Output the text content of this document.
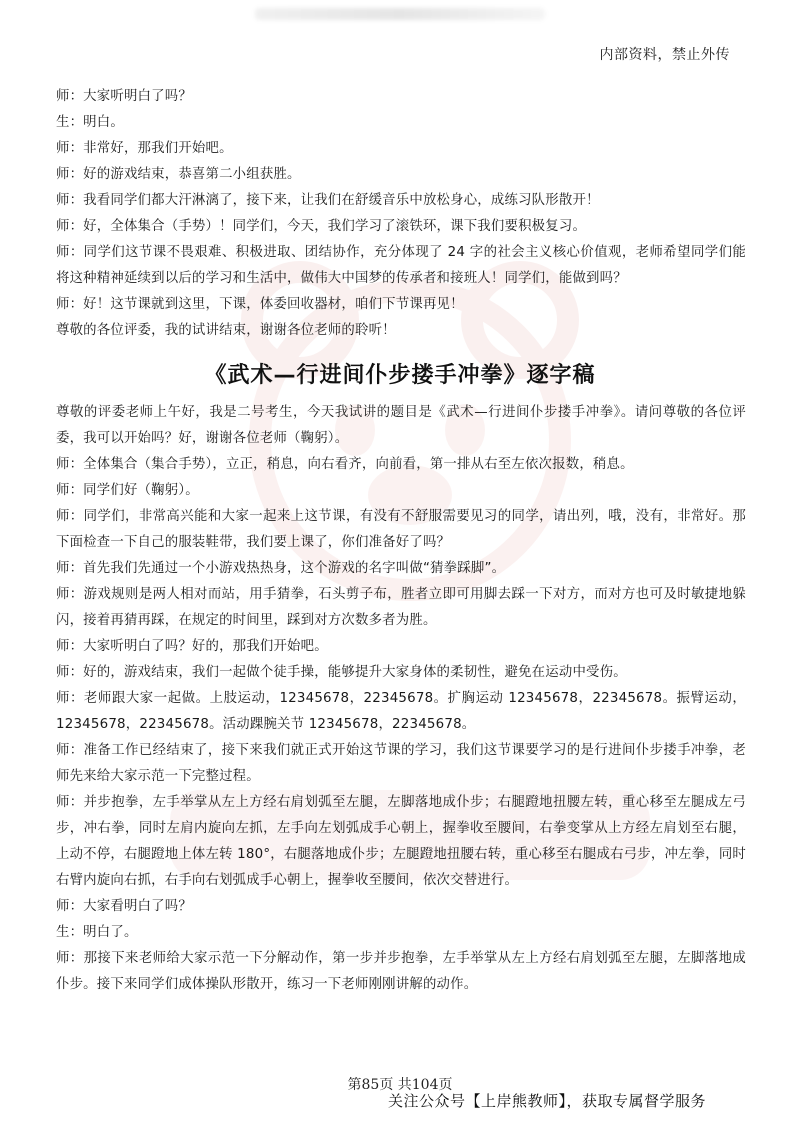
内部资料，禁止外传

师：大家听明白了吗？

生：明白。

师：非常好，那我们开始吧。

师：好的游戏结束，恭喜第二小组获胜。

师：我看同学们都大汗淋漓了，接下来，让我们在舒缓音乐中放松身心，成练习队形散开！

师：好，全体集合（手势）！同学们，今天，我们学习了滚铁环，课下我们要积极复习。

师：同学们这节课不畏艰难、积极进取、团结协作，充分体现了 24 字的社会主义核心价值观，老师希望同学们能将这种精神延续到以后的学习和生活中，做伟大中国梦的传承者和接班人！同学们，能做到吗？

师：好！这节课就到这里，下课，体委回收器材，咱们下节课再见！

尊敬的各位评委，我的试讲结束，谢谢各位老师的聆听！

《武术—行进间仆步搂手冲拳》逐字稿

尊敬的评委老师上午好，我是二号考生，今天我试讲的题目是《武术—行进间仆步搂手冲拳》。请问尊敬的各位评委，我可以开始吗？好，谢谢各位老师（鞠躬）。

师：全体集合（集合手势），立正，稍息，向右看齐，向前看，第一排从右至左依次报数，稍息。

师：同学们好（鞠躬）。

师：同学们，非常高兴能和大家一起来上这节课，有没有不舒服需要见习的同学，请出列，哦，没有，非常好。那下面检查一下自己的服装鞋带，我们要上课了，你们准备好了吗？

师：首先我们先通过一个小游戏热热身，这个游戏的名字叫做“猜拳踩脚”。

师：游戏规则是两人相对而站，用手猜拳，石头剪子布，胜者立即可用脚去踩一下对方，而对方也可及时敏捷地躲闪，接着再猜再踩，在规定的时间里，踩到对方次数多者为胜。

师：大家听明白了吗？好的，那我们开始吧。

师：好的，游戏结束，我们一起做个徒手操，能够提升大家身体的柔韧性，避免在运动中受伤。

师：老师跟大家一起做。上肢运动，12345678，22345678。扩胸运动 12345678，22345678。振臂运动，12345678，22345678。活动踝腕关节 12345678，22345678。

师：准备工作已经结束了，接下来我们就正式开始这节课的学习，我们这节课要学习的是行进间仆步搂手冲拳，老师先来给大家示范一下完整过程。

师：并步抱拳，左手举掌从左上方经右肩划弧至左腿，左脚落地成仆步；右腿蹬地扭腰左转，重心移至左腿成左弓步，冲右拳，同时左肩内旋向左抓，左手向左划弧成手心朝上，握拳收至腰间，右拳变掌从上方经左肩划至右腿，上动不停，右腿蹬地上体左转 180°，右腿落地成仆步；左腿蹬地扭腰右转，重心移至右腿成右弓步，冲左拳，同时右臂内旋向右抓，右手向右划弧成手心朝上，握拳收至腰间，依次交替进行。

师：大家看明白了吗？

生：明白了。

师：那接下来老师给大家示范一下分解动作，第一步并步抱拳，左手举掌从左上方经右肩划弧至左腿，左脚落地成仆步。接下来同学们成体操队形散开，练习一下老师刚刚讲解的动作。

第85页 共104页
关注公众号【上岸熊教师】，获取专属督学服务
